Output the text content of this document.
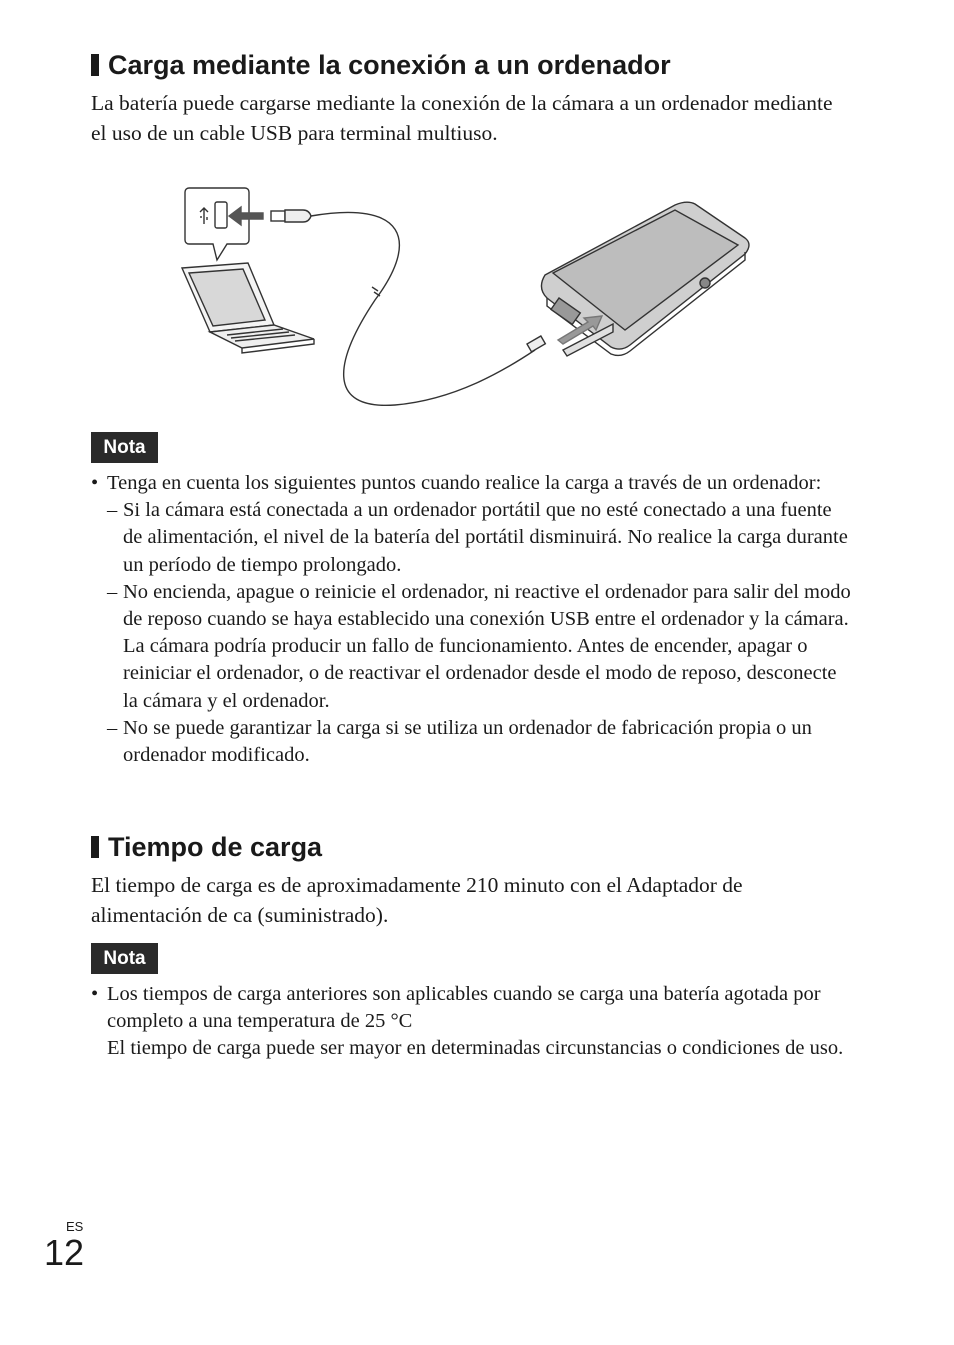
Carga mediante la conexión a un ordenador

La batería puede cargarse mediante la conexión de la cámara a un ordenador mediante el uso de un cable USB para terminal multiuso.

Nota
• Tenga en cuenta los siguientes puntos cuando realice la carga a través de un ordenador:
– Si la cámara está conectada a un ordenador portátil que no esté conectado a una fuente de alimentación, el nivel de la batería del portátil disminuirá. No realice la carga durante un período de tiempo prolongado.
– No encienda, apague o reinicie el ordenador, ni reactive el ordenador para salir del modo de reposo cuando se haya establecido una conexión USB entre el ordenador y la cámara. La cámara podría producir un fallo de funcionamiento. Antes de encender, apagar o reiniciar el ordenador, o de reactivar el ordenador desde el modo de reposo, desconecte la cámara y el ordenador.
– No se puede garantizar la carga si se utiliza un ordenador de fabricación propia o un ordenador modificado.
Tiempo de carga

El tiempo de carga es de aproximadamente 210 minuto con el Adaptador de alimentación de ca (suministrado).

Nota
• Los tiempos de carga anteriores son aplicables cuando se carga una batería agotada por completo a una temperatura de 25 °C
El tiempo de carga puede ser mayor en determinadas circunstancias o condiciones de uso.
ES
12
